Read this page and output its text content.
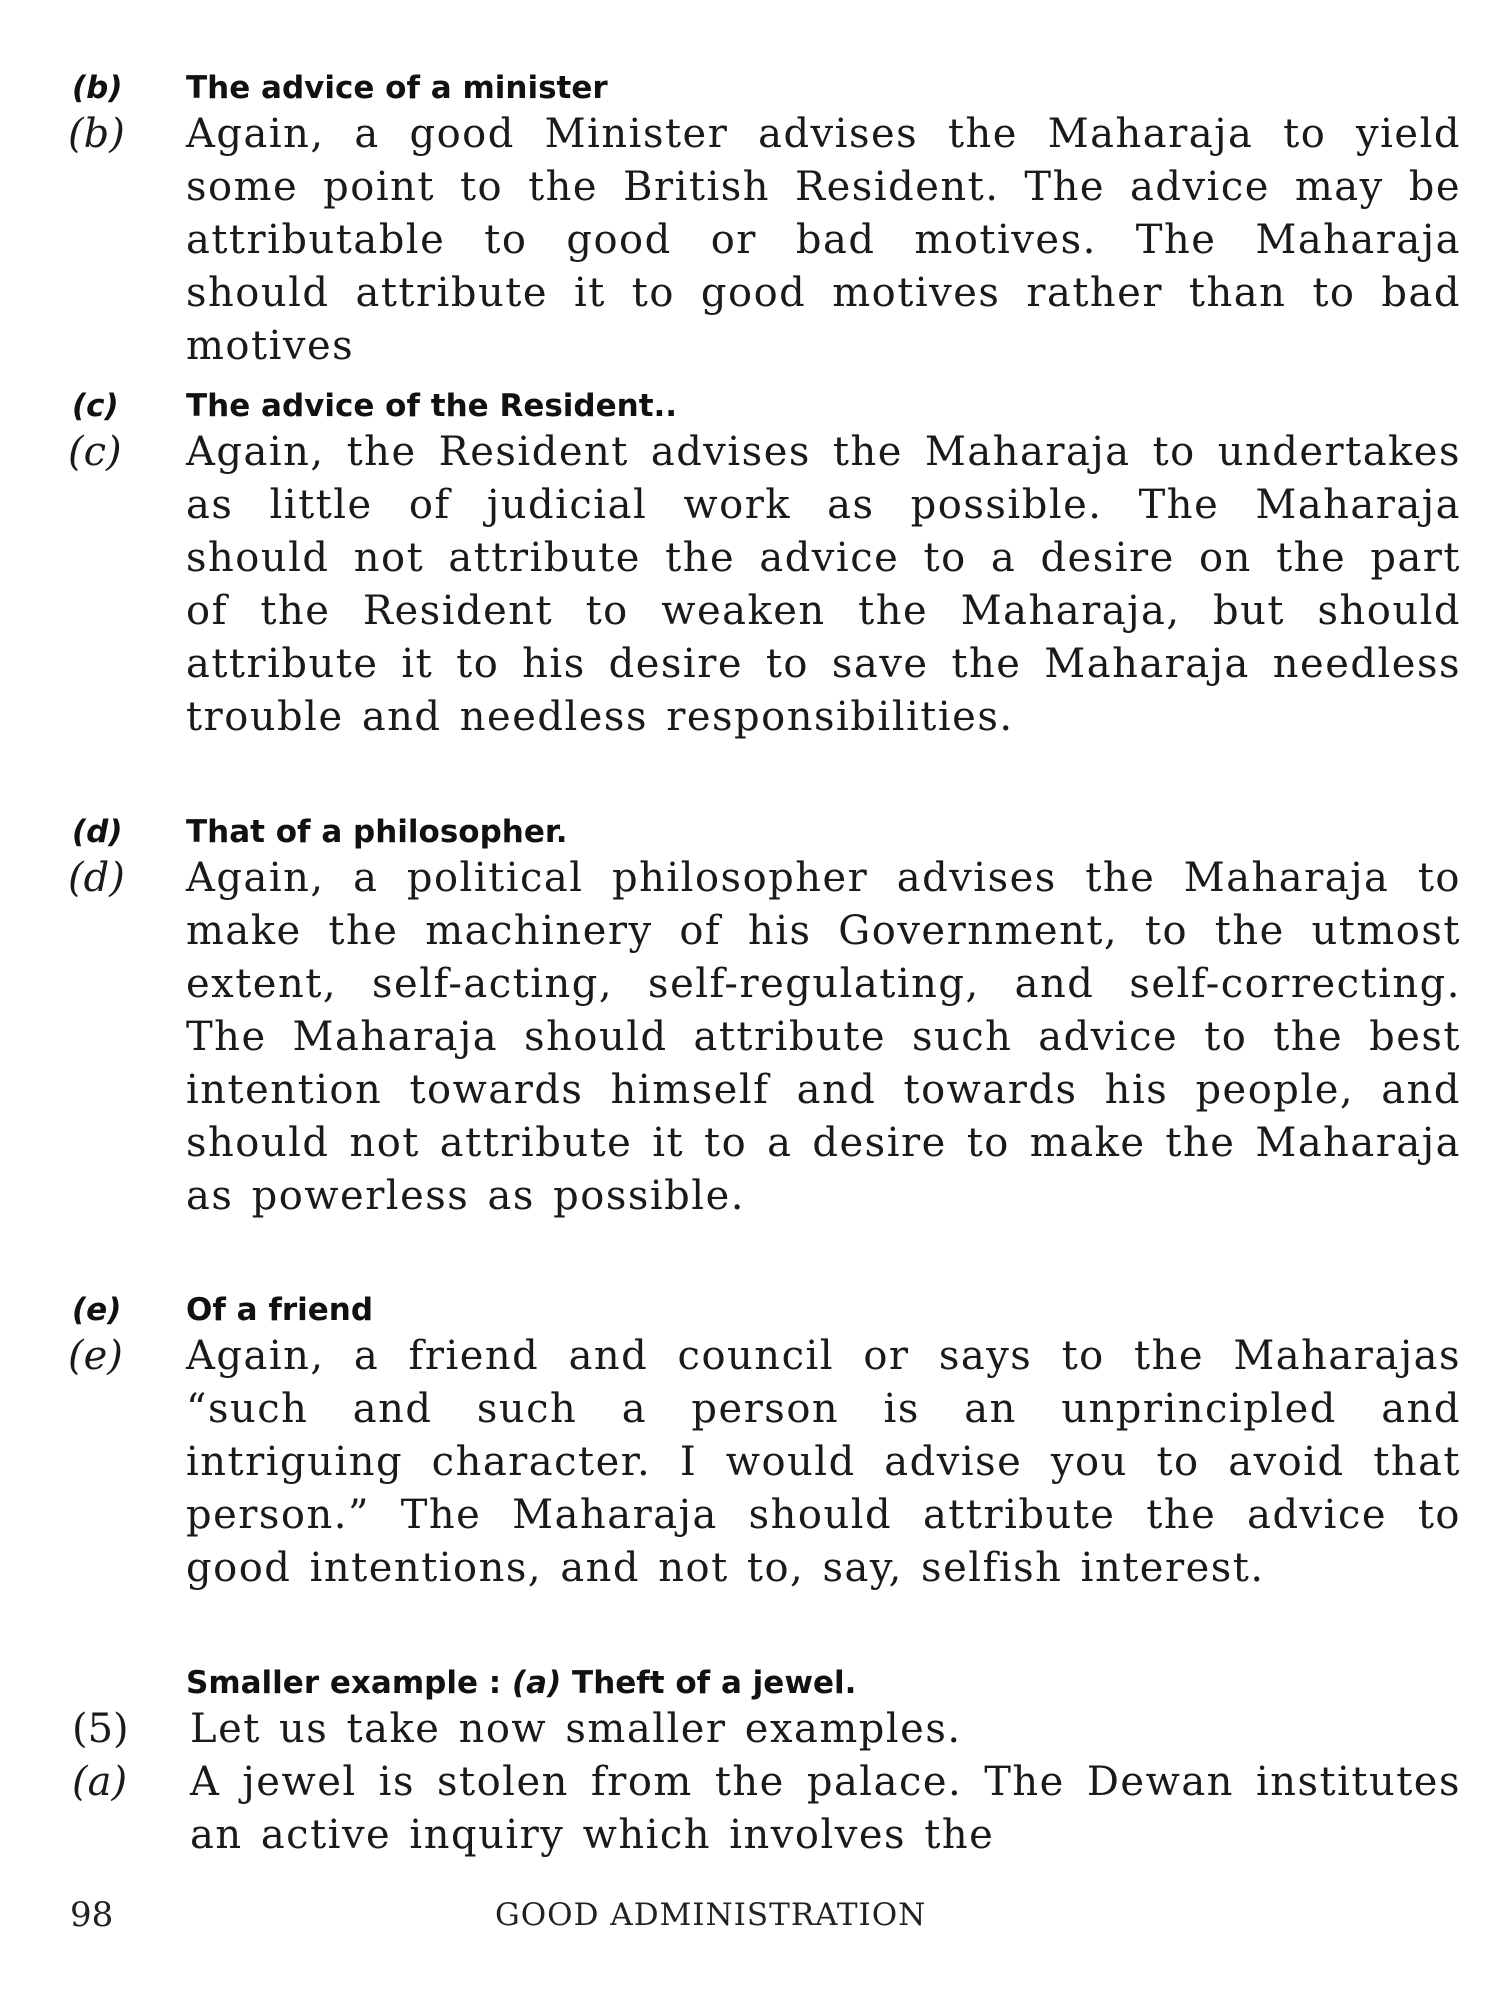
(b) The advice of a minister
(b) Again, a good Minister advises the Maharaja to yield some point to the British Resident. The advice may be attributable to good or bad motives. The Maharaja should attribute it to good motives rather than to bad motives
(c) The advice of the Resident..
(c) Again, the Resident advises the Maharaja to undertakes as little of judicial work as possible. The Maharaja should not attribute the advice to a desire on the part of the Resident to weaken the Maharaja, but should attribute it to his desire to save the Maharaja needless trouble and needless responsibilities.
(d) That of a philosopher.
(d) Again, a political philosopher advises the Maharaja to make the machinery of his Government, to the utmost extent, self-acting, self-regulating, and self-correcting. The Maharaja should attribute such advice to the best intention towards himself and towards his people, and should not attribute it to a desire to make the Maharaja as powerless as possible.
(e) Of a friend
(e) Again, a friend and council or says to the Maharajas “such and such a person is an unprincipled and intriguing character. I would advise you to avoid that person.” The Maharaja should attribute the advice to good intentions, and not to, say, selfish interest.
Smaller example : (a) Theft of a jewel.
(5) Let us take now smaller examples.
(a) A jewel is stolen from the palace. The Dewan institutes an active inquiry which involves the
98	GOOD ADMINISTRATION
